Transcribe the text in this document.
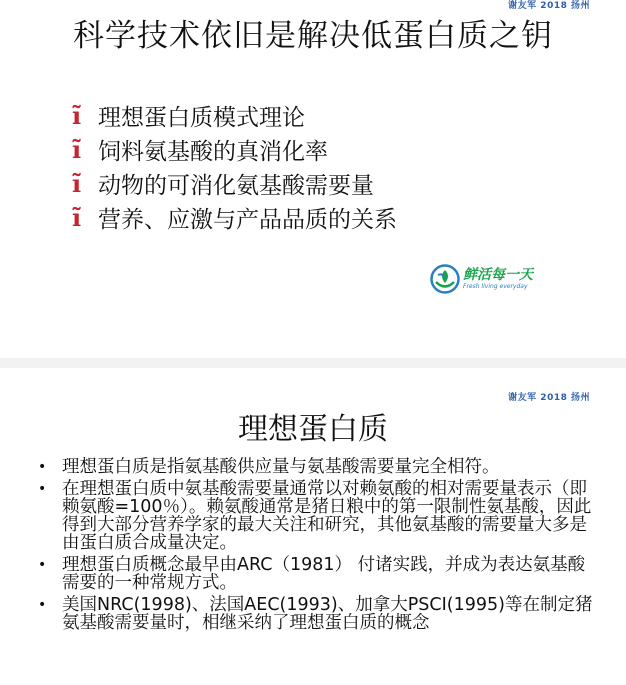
谢友军 2018 扬州
科学技术依旧是解决低蛋白质之钥
ĩ 理想蛋白质模式理论
ĩ 饲料氨基酸的真消化率
ĩ 动物的可消化氨基酸需要量
ĩ 营养、应激与产品品质的关系
鲜活每一天
Fresh living everyday
谢友军 2018 扬州
理想蛋白质
• 理想蛋白质是指氨基酸供应量与氨基酸需要量完全相符。
• 在理想蛋白质中氨基酸需要量通常以对赖氨酸的相对需要量表示（即赖氨酸=100％）。赖氨酸通常是猪日粮中的第一限制性氨基酸，因此得到大部分营养学家的最大关注和研究，其他氨基酸的需要量大多是由蛋白质合成量决定。
• 理想蛋白质概念最早由ARC（1981） 付诸实践，并成为表达氨基酸需要的一种常规方式。
• 美国NRC(1998)、法国AEC(1993)、加拿大PSCI(1995)等在制定猪氨基酸需要量时，相继采纳了理想蛋白质的概念
